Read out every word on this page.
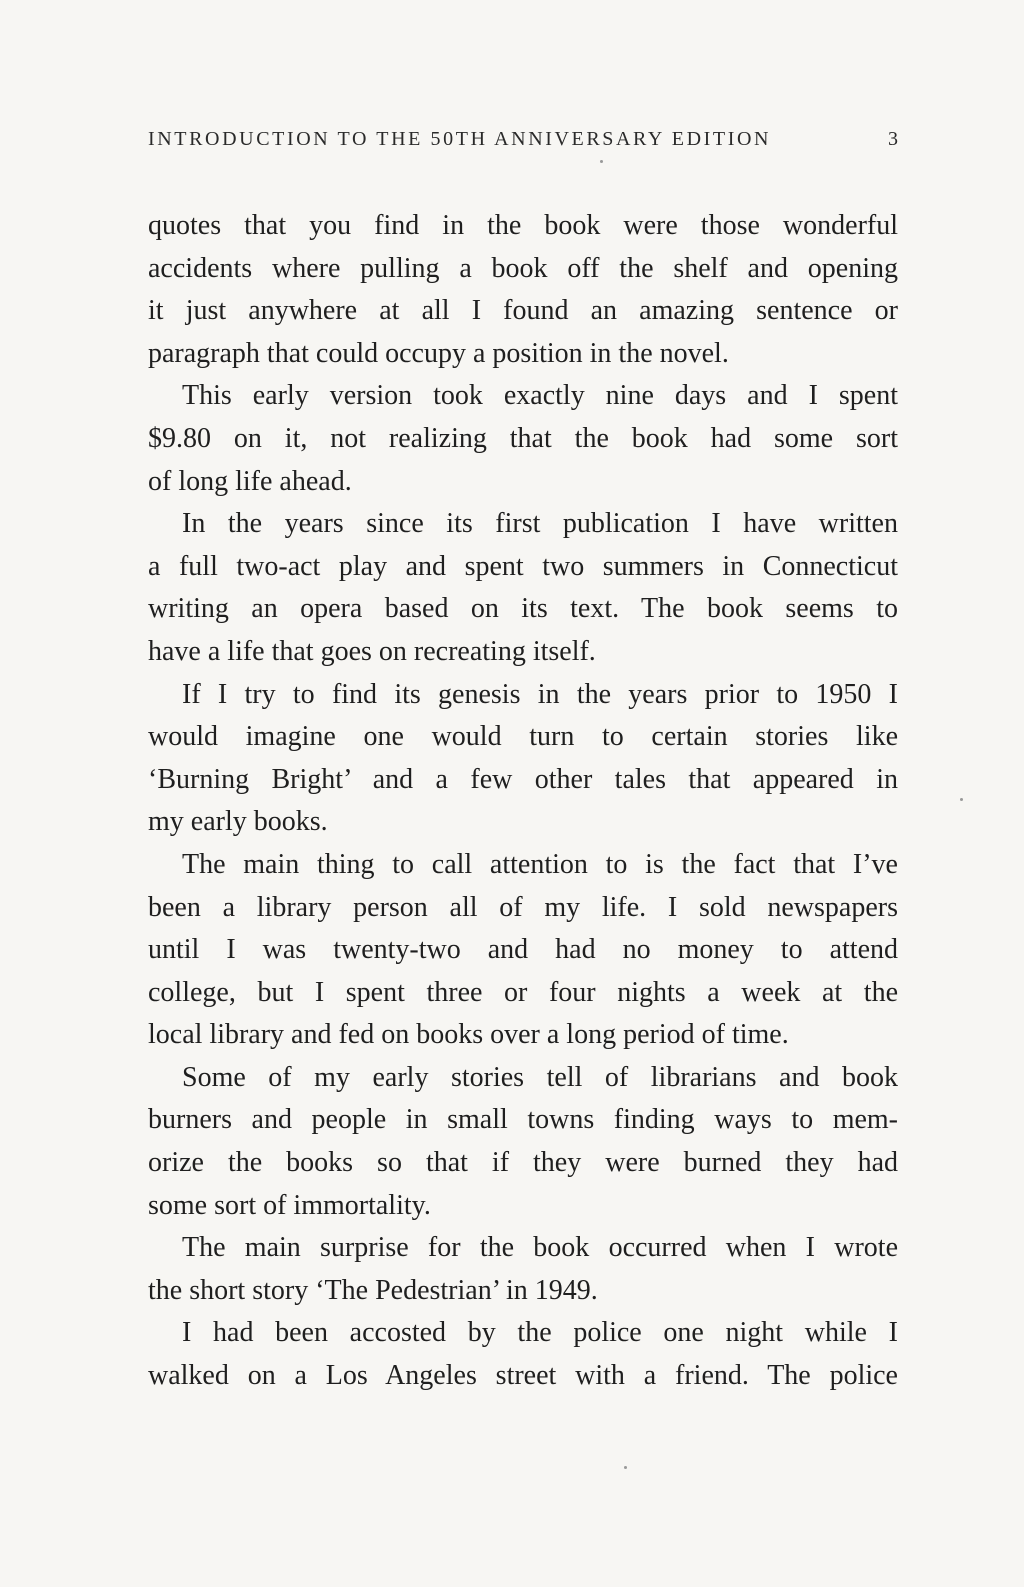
INTRODUCTION TO THE 50TH ANNIVERSARY EDITION	3
quotes that you find in the book were those wonderful
accidents where pulling a book off the shelf and opening
it just anywhere at all I found an amazing sentence or
paragraph that could occupy a position in the novel.
This early version took exactly nine days and I spent
$9.80 on it, not realizing that the book had some sort
of long life ahead.
In the years since its first publication I have written
a full two-act play and spent two summers in Connecticut
writing an opera based on its text. The book seems to
have a life that goes on recreating itself.
If I try to find its genesis in the years prior to 1950 I
would imagine one would turn to certain stories like
‘Burning Bright’ and a few other tales that appeared in
my early books.
The main thing to call attention to is the fact that I’ve
been a library person all of my life. I sold newspapers
until I was twenty-two and had no money to attend
college, but I spent three or four nights a week at the
local library and fed on books over a long period of time.
Some of my early stories tell of librarians and book
burners and people in small towns finding ways to mem-
orize the books so that if they were burned they had
some sort of immortality.
The main surprise for the book occurred when I wrote
the short story ‘The Pedestrian’ in 1949.
I had been accosted by the police one night while I
walked on a Los Angeles street with a friend. The police
